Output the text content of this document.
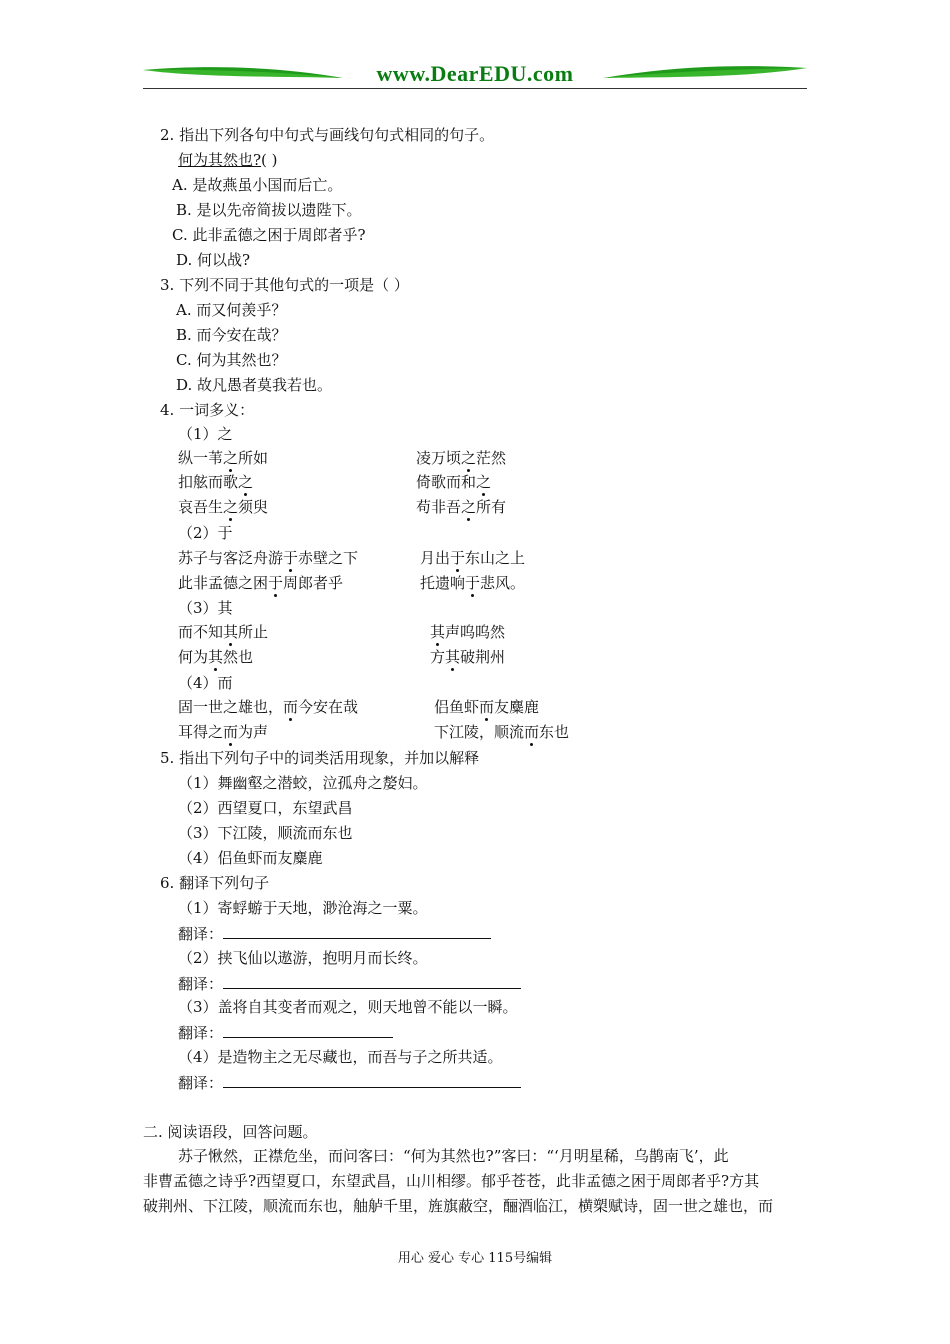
www.DearEDU.com
2. 指出下列各句中句式与画线句句式相同的句子。
何为其然也?( )
A. 是故燕虽小国而后亡。
B. 是以先帝简拔以遗陛下。
C. 此非孟德之困于周郎者乎?
D. 何以战?
3. 下列不同于其他句式的一项是（ ）
A. 而又何羡乎？
B. 而今安在哉？
C. 何为其然也？
D. 故凡愚者莫我若也。
4. 一词多义：
（1）之
纵一苇之所如	凌万顷之茫然
扣舷而歌之	倚歌而和之
哀吾生之须臾	苟非吾之所有
（2）于
苏子与客泛舟游于赤壁之下	月出于东山之上
此非孟德之困于周郎者乎	托遗响于悲风。
（3）其
而不知其所止	其声呜呜然
何为其然也	方其破荆州
（4）而
固一世之雄也，而今安在哉	侣鱼虾而友麋鹿
耳得之而为声	下江陵，顺流而东也
5. 指出下列句子中的词类活用现象，并加以解释
（1）舞幽壑之潜蛟，泣孤舟之嫠妇。
（2）西望夏口，东望武昌
（3）下江陵，顺流而东也
（4）侣鱼虾而友麋鹿
6. 翻译下列句子
（1）寄蜉蝣于天地，渺沧海之一粟。
翻译：
（2）挟飞仙以遨游，抱明月而长终。
翻译：
（3）盖将自其变者而观之，则天地曾不能以一瞬。
翻译：
（4）是造物主之无尽藏也，而吾与子之所共适。
翻译：
二. 阅读语段，回答问题。
苏子愀然，正襟危坐，而问客曰：“何为其然也?”客曰：“‘月明星稀，乌鹊南飞’，此
非曹孟德之诗乎?西望夏口，东望武昌，山川相缪。郁乎苍苍，此非孟德之困于周郎者乎?方其
破荆州、下江陵，顺流而东也，舳舻千里，旌旗蔽空，酾酒临江，横槊赋诗，固一世之雄也，而
用心 爱心 专心 115号编辑
